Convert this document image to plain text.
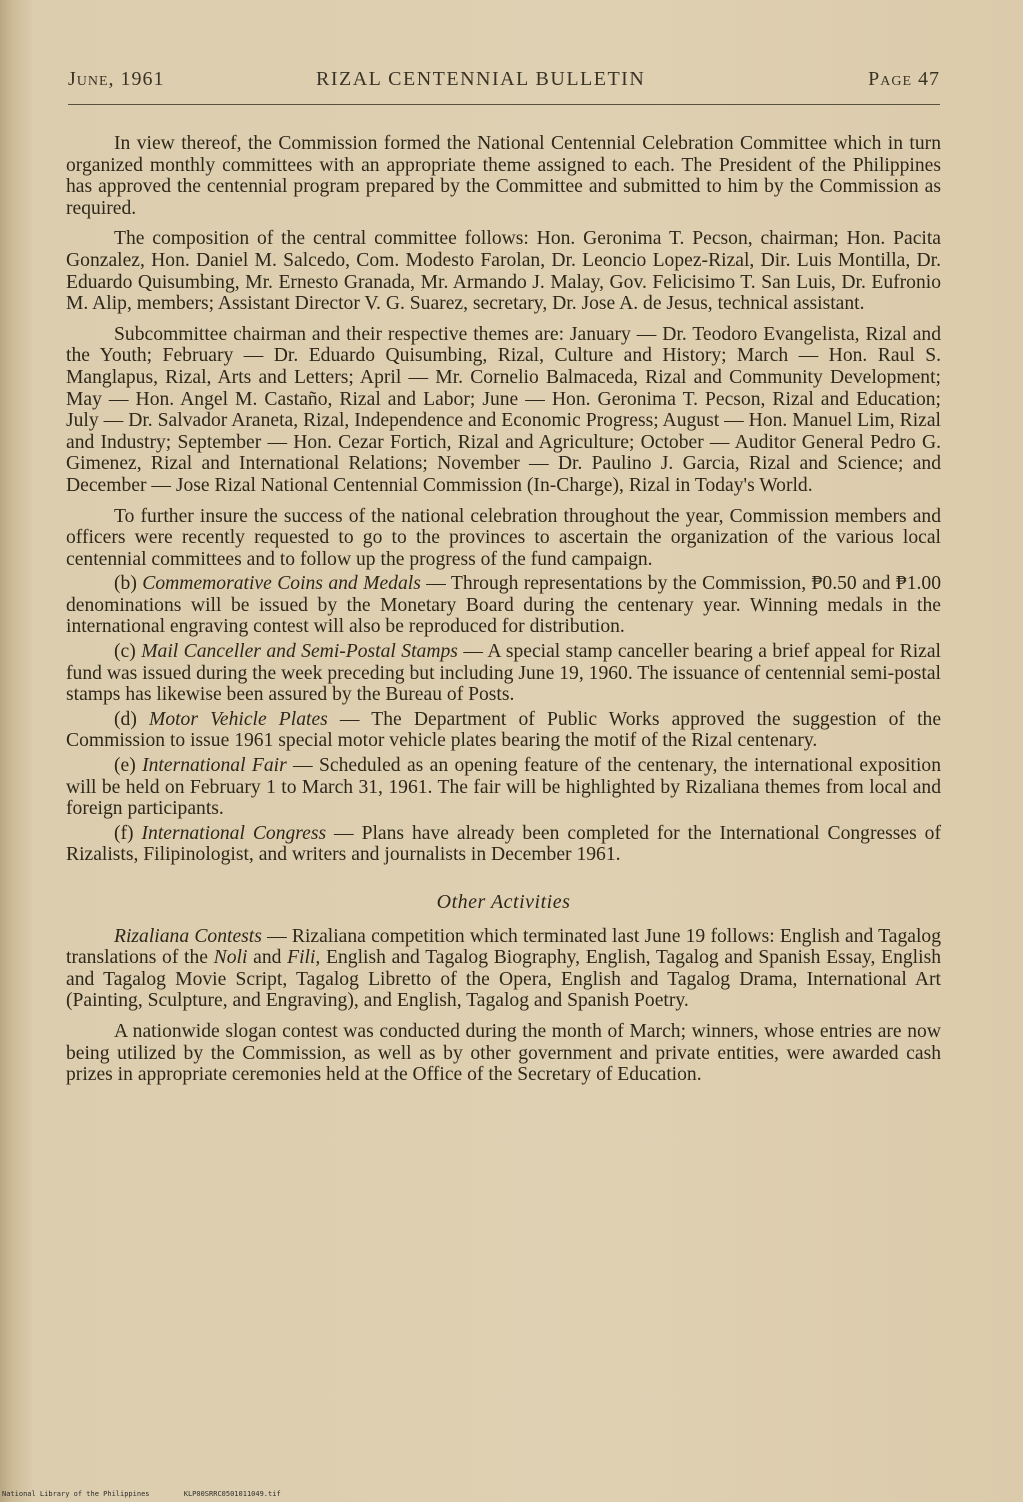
June, 1961	RIZAL CENTENNIAL BULLETIN	Page 47

In view thereof, the Commission formed the National Centennial Celebration Committee which in turn organized monthly committees with an appropriate theme assigned to each. The President of the Philippines has approved the centennial program prepared by the Committee and submitted to him by the Commission as required.

The composition of the central committee follows: Hon. Geronima T. Pecson, chairman; Hon. Pacita Gonzalez, Hon. Daniel M. Salcedo, Com. Modesto Farolan, Dr. Leoncio Lopez-Rizal, Dir. Luis Montilla, Dr. Eduardo Quisumbing, Mr. Ernesto Granada, Mr. Armando J. Malay, Gov. Felicisimo T. San Luis, Dr. Eufronio M. Alip, members; Assistant Director V. G. Suarez, secretary, Dr. Jose A. de Jesus, technical assistant.

Subcommittee chairman and their respective themes are: January — Dr. Teodoro Evangelista, Rizal and the Youth; February — Dr. Eduardo Quisumbing, Rizal, Culture and History; March — Hon. Raul S. Manglapus, Rizal, Arts and Letters; April — Mr. Cornelio Balmaceda, Rizal and Community Development; May — Hon. Angel M. Castaño, Rizal and Labor; June — Hon. Geronima T. Pecson, Rizal and Education; July — Dr. Salvador Araneta, Rizal, Independence and Economic Progress; August — Hon. Manuel Lim, Rizal and Industry; September — Hon. Cezar Fortich, Rizal and Agriculture; October — Auditor General Pedro G. Gimenez, Rizal and International Relations; November — Dr. Paulino J. Garcia, Rizal and Science; and December — Jose Rizal National Centennial Commission (In-Charge), Rizal in Today's World.

To further insure the success of the national celebration throughout the year, Commission members and officers were recently requested to go to the provinces to ascertain the organization of the various local centennial committees and to follow up the progress of the fund campaign.

(b) Commemorative Coins and Medals — Through representations by the Commission, ₱0.50 and ₱1.00 denominations will be issued by the Monetary Board during the centenary year. Winning medals in the international engraving contest will also be reproduced for distribution.

(c) Mail Canceller and Semi-Postal Stamps — A special stamp canceller bearing a brief appeal for Rizal fund was issued during the week preceding but including June 19, 1960. The issuance of centennial semi-postal stamps has likewise been assured by the Bureau of Posts.

(d) Motor Vehicle Plates — The Department of Public Works approved the suggestion of the Commission to issue 1961 special motor vehicle plates bearing the motif of the Rizal centenary.

(e) International Fair — Scheduled as an opening feature of the centenary, the international exposition will be held on February 1 to March 31, 1961. The fair will be highlighted by Rizaliana themes from local and foreign participants.

(f) International Congress — Plans have already been completed for the International Congresses of Rizalists, Filipinologist, and writers and journalists in December 1961.

Other Activities

Rizaliana Contests — Rizaliana competition which terminated last June 19 follows: English and Tagalog translations of the Noli and Fili, English and Tagalog Biography, English, Tagalog and Spanish Essay, English and Tagalog Movie Script, Tagalog Libretto of the Opera, English and Tagalog Drama, International Art (Painting, Sculpture, and Engraving), and English, Tagalog and Spanish Poetry.

A nationwide slogan contest was conducted during the month of March; winners, whose entries are now being utilized by the Commission, as well as by other government and private entities, were awarded cash prizes in appropriate ceremonies held at the Office of the Secretary of Education.

National Library of the Philippines	KLP00SRRC0501011049.tif
